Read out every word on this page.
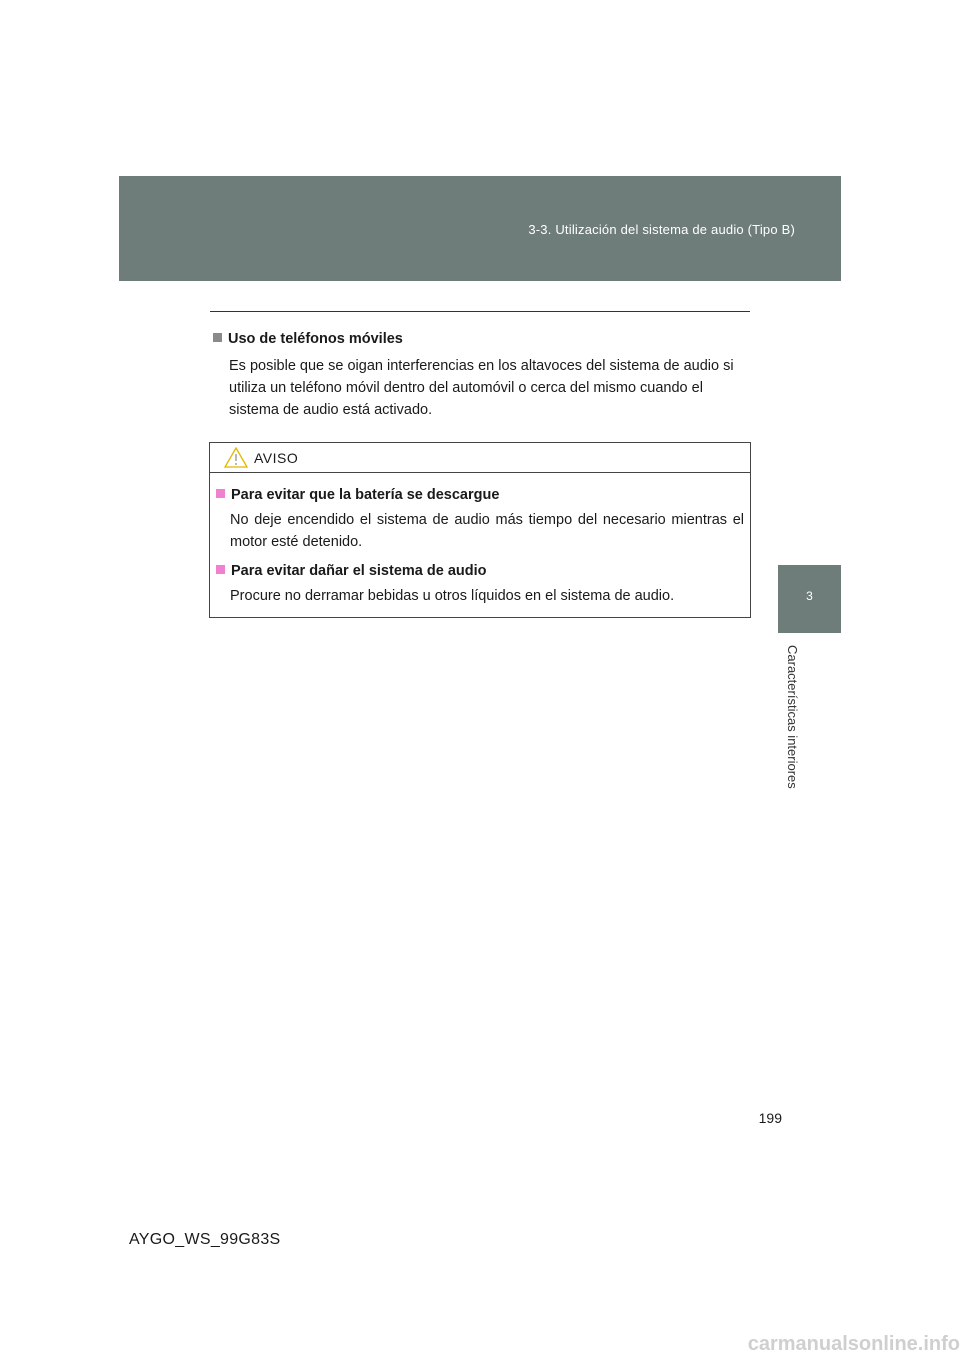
3-3. Utilización del sistema de audio (Tipo B)
3
Características interiores
Uso de teléfonos móviles
Es posible que se oigan interferencias en los altavoces del sistema de audio si utiliza un teléfono móvil dentro del automóvil o cerca del mismo cuando el sistema de audio está activado.
AVISO
Para evitar que la batería se descargue
No deje encendido el sistema de audio más tiempo del necesario mientras el motor esté detenido.
Para evitar dañar el sistema de audio
Procure no derramar bebidas u otros líquidos en el sistema de audio.
199
AYGO_WS_99G83S
carmanualsonline.info
